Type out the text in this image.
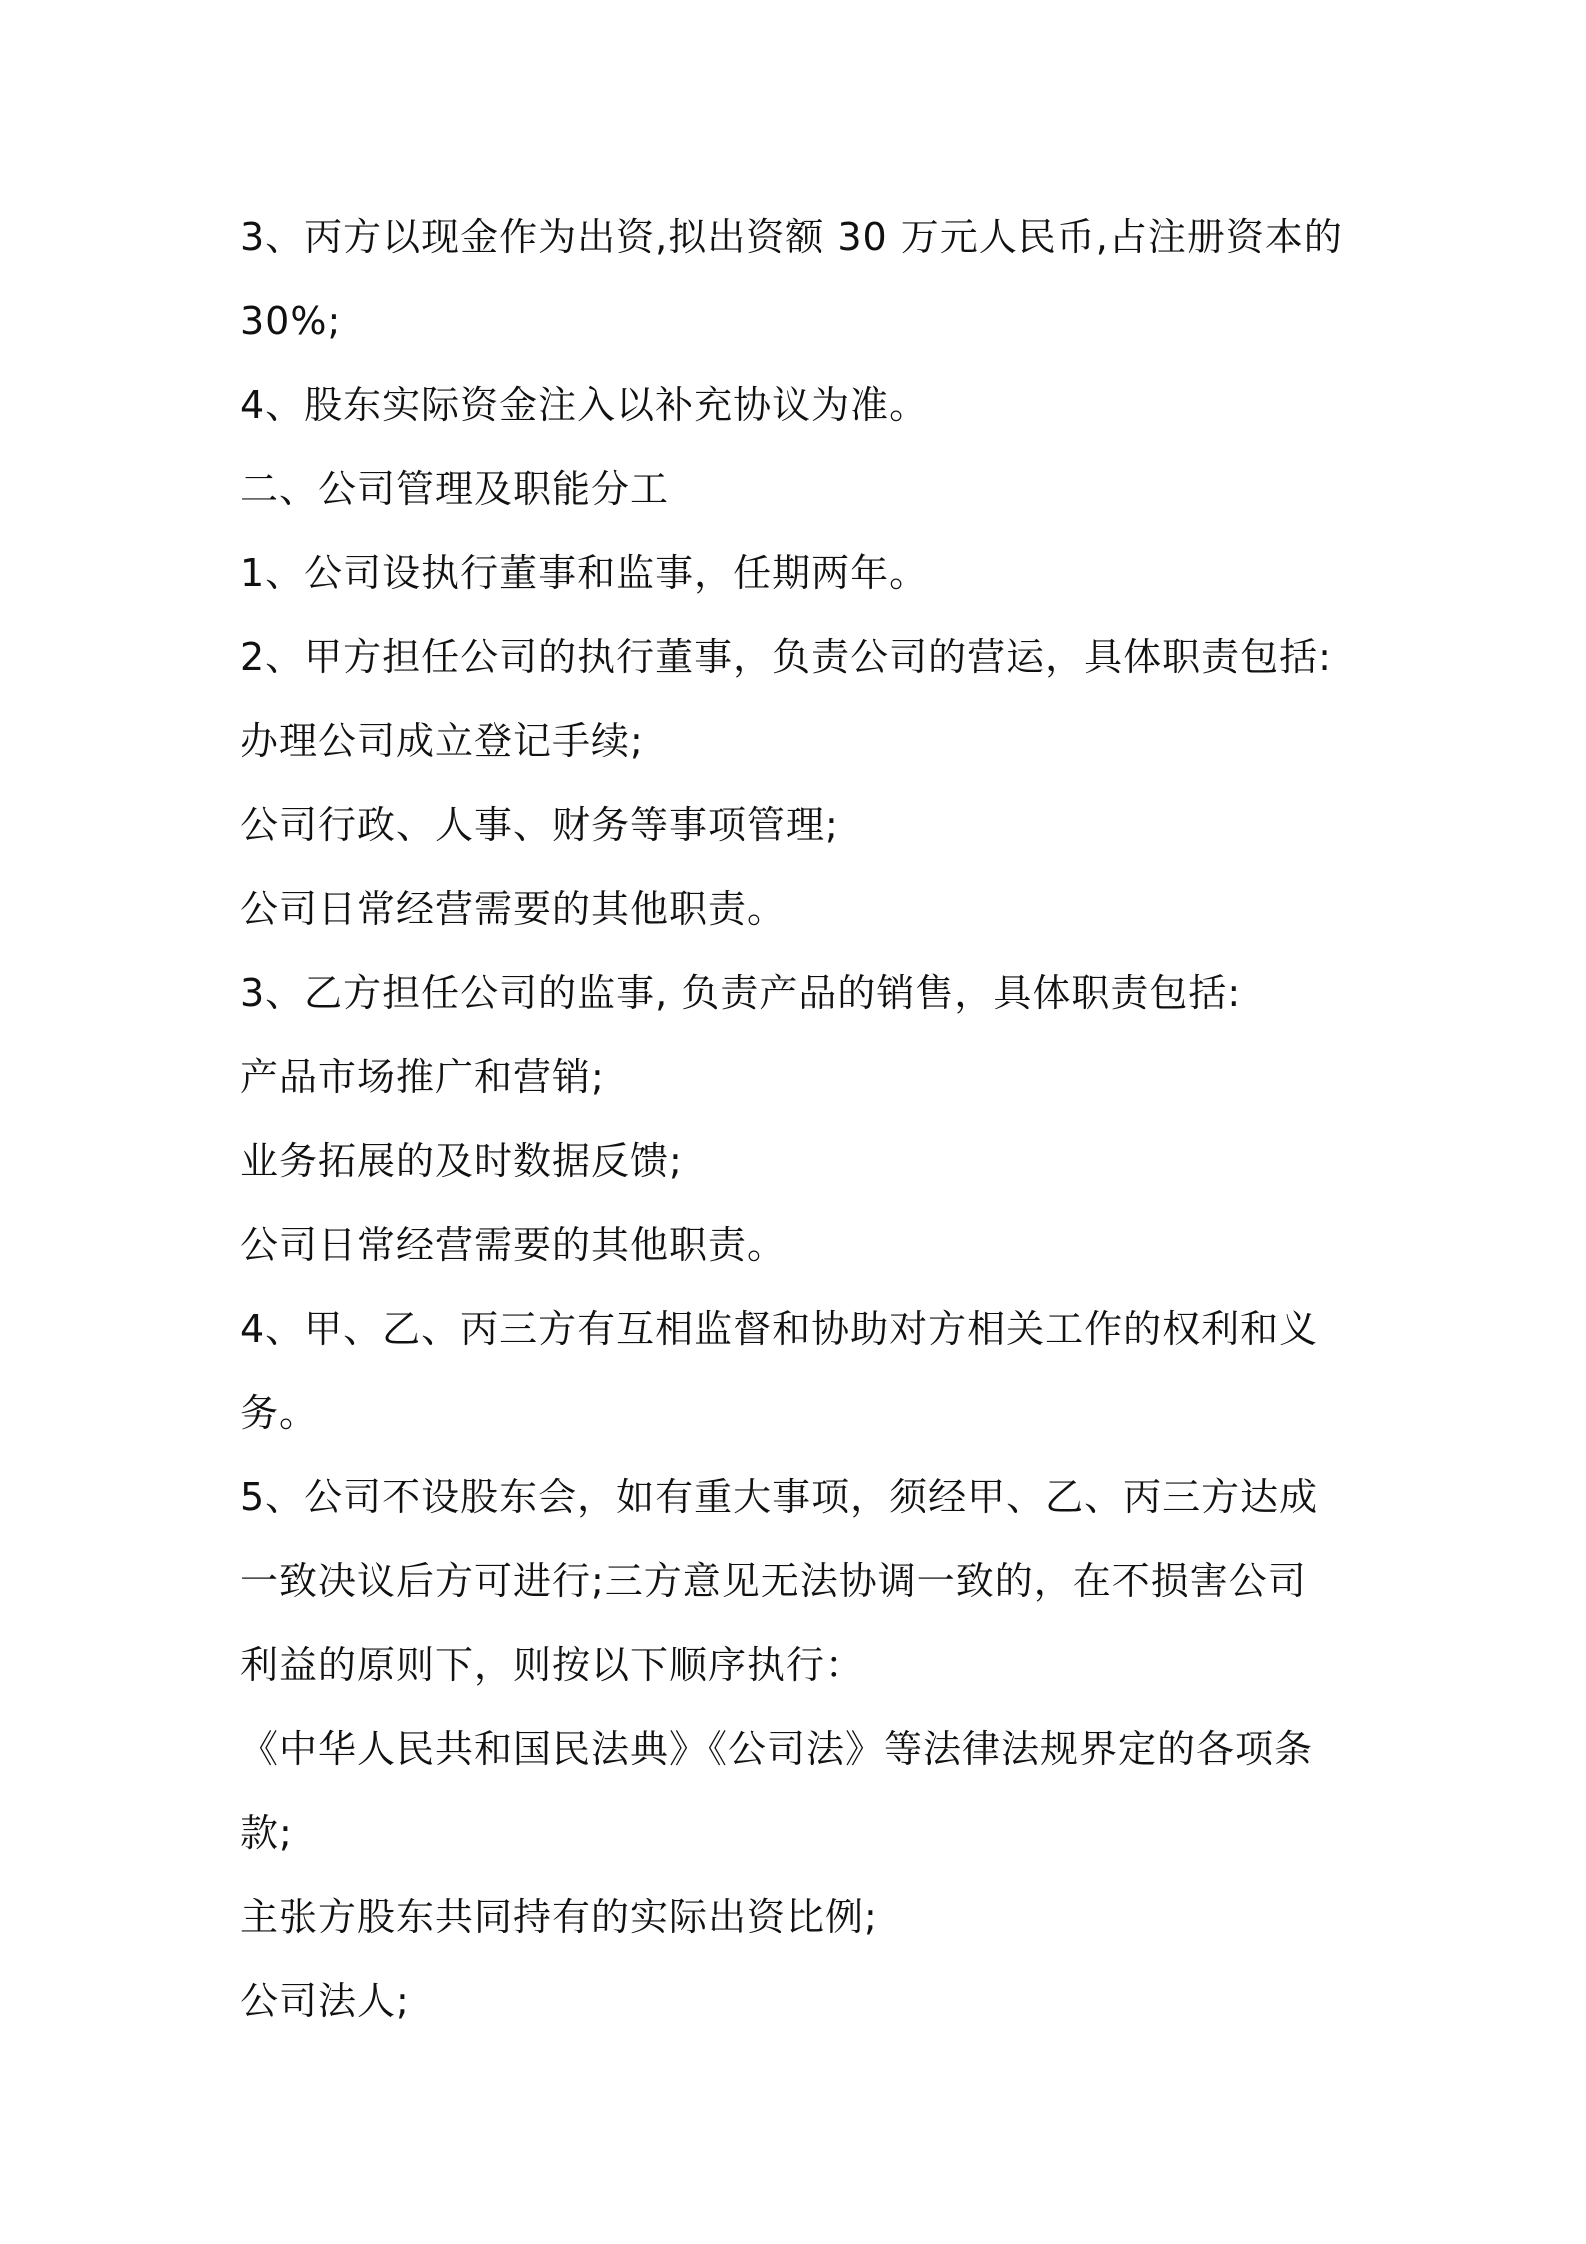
3、丙方以现金作为出资,拟出资额 30 万元人民币,占注册资本的
30%;
4、股东实际资金注入以补充协议为准。
二、公司管理及职能分工
1、公司设执行董事和监事，任期两年。
2、甲方担任公司的执行董事，负责公司的营运，具体职责包括:
办理公司成立登记手续;
公司行政、人事、财务等事项管理;
公司日常经营需要的其他职责。
3、乙方担任公司的监事, 负责产品的销售，具体职责包括:
产品市场推广和营销;
业务拓展的及时数据反馈;
公司日常经营需要的其他职责。
4、甲、乙、丙三方有互相监督和协助对方相关工作的权利和义
务。
5、公司不设股东会，如有重大事项，须经甲、乙、丙三方达成
一致决议后方可进行;三方意见无法协调一致的，在不损害公司
利益的原则下，则按以下顺序执行：
《中华人民共和国民法典》《公司法》等法律法规界定的各项条
款;
主张方股东共同持有的实际出资比例;
公司法人;
